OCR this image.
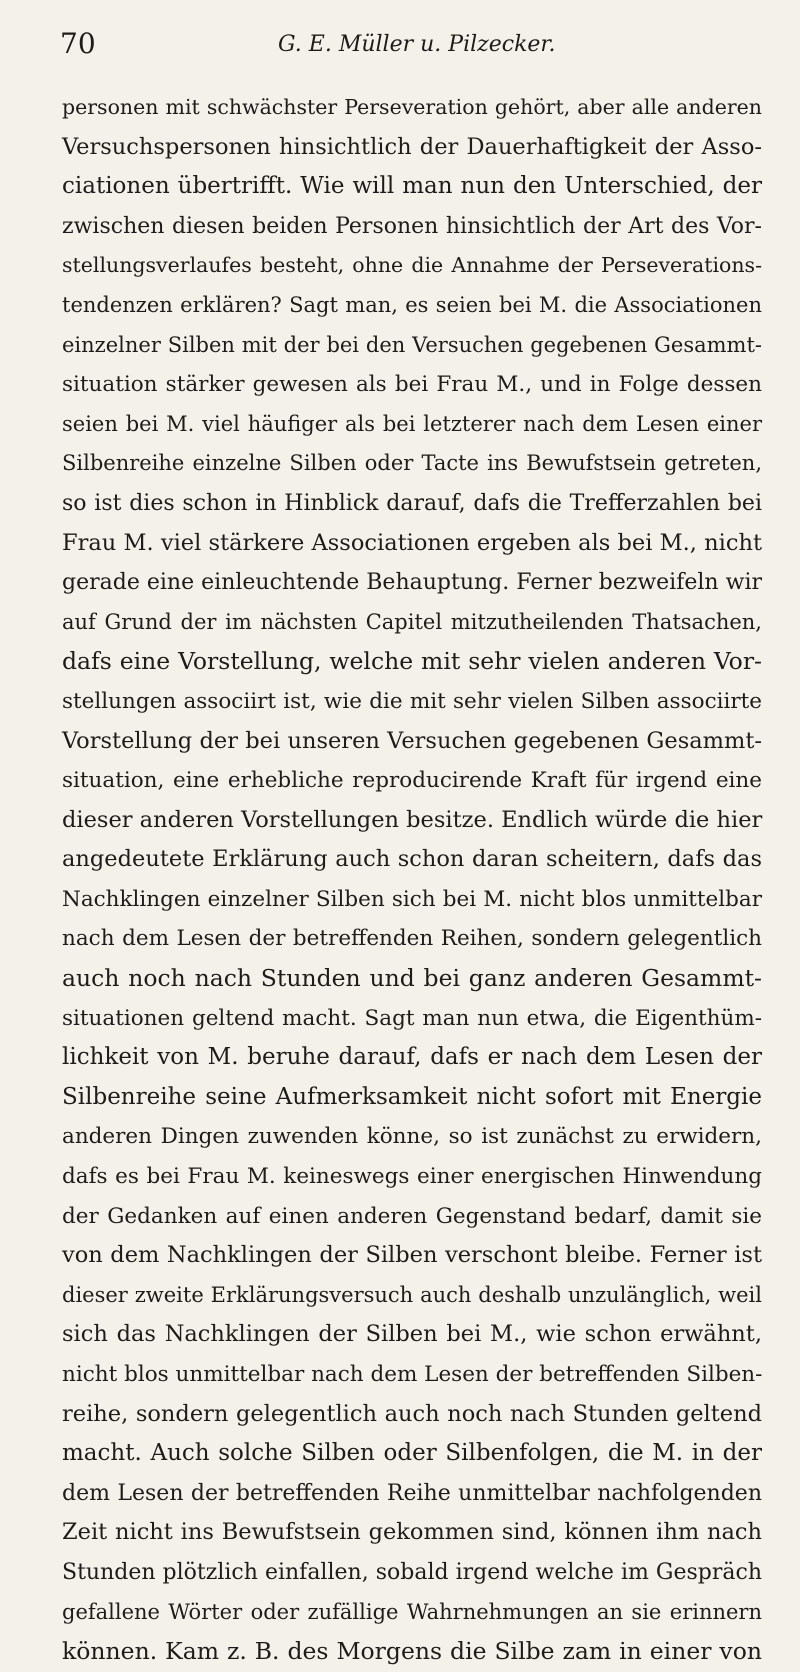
70	G. E. Müller u. Pilzecker.
personen mit schwächster Perseveration gehört, aber alle anderen
Versuchspersonen hinsichtlich der Dauerhaftigkeit der Asso-
ciationen übertrifft. Wie will man nun den Unterschied, der
zwischen diesen beiden Personen hinsichtlich der Art des Vor-
stellungsverlaufes besteht, ohne die Annahme der Perseverations-
tendenzen erklären? Sagt man, es seien bei M. die Associationen
einzelner Silben mit der bei den Versuchen gegebenen Gesammt-
situation stärker gewesen als bei Frau M., und in Folge dessen
seien bei M. viel häufiger als bei letzterer nach dem Lesen einer
Silbenreihe einzelne Silben oder Tacte ins Bewufstsein getreten,
so ist dies schon in Hinblick darauf, dafs die Trefferzahlen bei
Frau M. viel stärkere Associationen ergeben als bei M., nicht
gerade eine einleuchtende Behauptung. Ferner bezweifeln wir
auf Grund der im nächsten Capitel mitzutheilenden Thatsachen,
dafs eine Vorstellung, welche mit sehr vielen anderen Vor-
stellungen associirt ist, wie die mit sehr vielen Silben associirte
Vorstellung der bei unseren Versuchen gegebenen Gesammt-
situation, eine erhebliche reproducirende Kraft für irgend eine
dieser anderen Vorstellungen besitze. Endlich würde die hier
angedeutete Erklärung auch schon daran scheitern, dafs das
Nachklingen einzelner Silben sich bei M. nicht blos unmittelbar
nach dem Lesen der betreffenden Reihen, sondern gelegentlich
auch noch nach Stunden und bei ganz anderen Gesammt-
situationen geltend macht. Sagt man nun etwa, die Eigenthüm-
lichkeit von M. beruhe darauf, dafs er nach dem Lesen der
Silbenreihe seine Aufmerksamkeit nicht sofort mit Energie
anderen Dingen zuwenden könne, so ist zunächst zu erwidern,
dafs es bei Frau M. keineswegs einer energischen Hinwendung
der Gedanken auf einen anderen Gegenstand bedarf, damit sie
von dem Nachklingen der Silben verschont bleibe. Ferner ist
dieser zweite Erklärungsversuch auch deshalb unzulänglich, weil
sich das Nachklingen der Silben bei M., wie schon erwähnt,
nicht blos unmittelbar nach dem Lesen der betreffenden Silben-
reihe, sondern gelegentlich auch noch nach Stunden geltend
macht. Auch solche Silben oder Silbenfolgen, die M. in der
dem Lesen der betreffenden Reihe unmittelbar nachfolgenden
Zeit nicht ins Bewufstsein gekommen sind, können ihm nach
Stunden plötzlich einfallen, sobald irgend welche im Gespräch
gefallene Wörter oder zufällige Wahrnehmungen an sie erinnern
können. Kam z. B. des Morgens die Silbe zam in einer von
